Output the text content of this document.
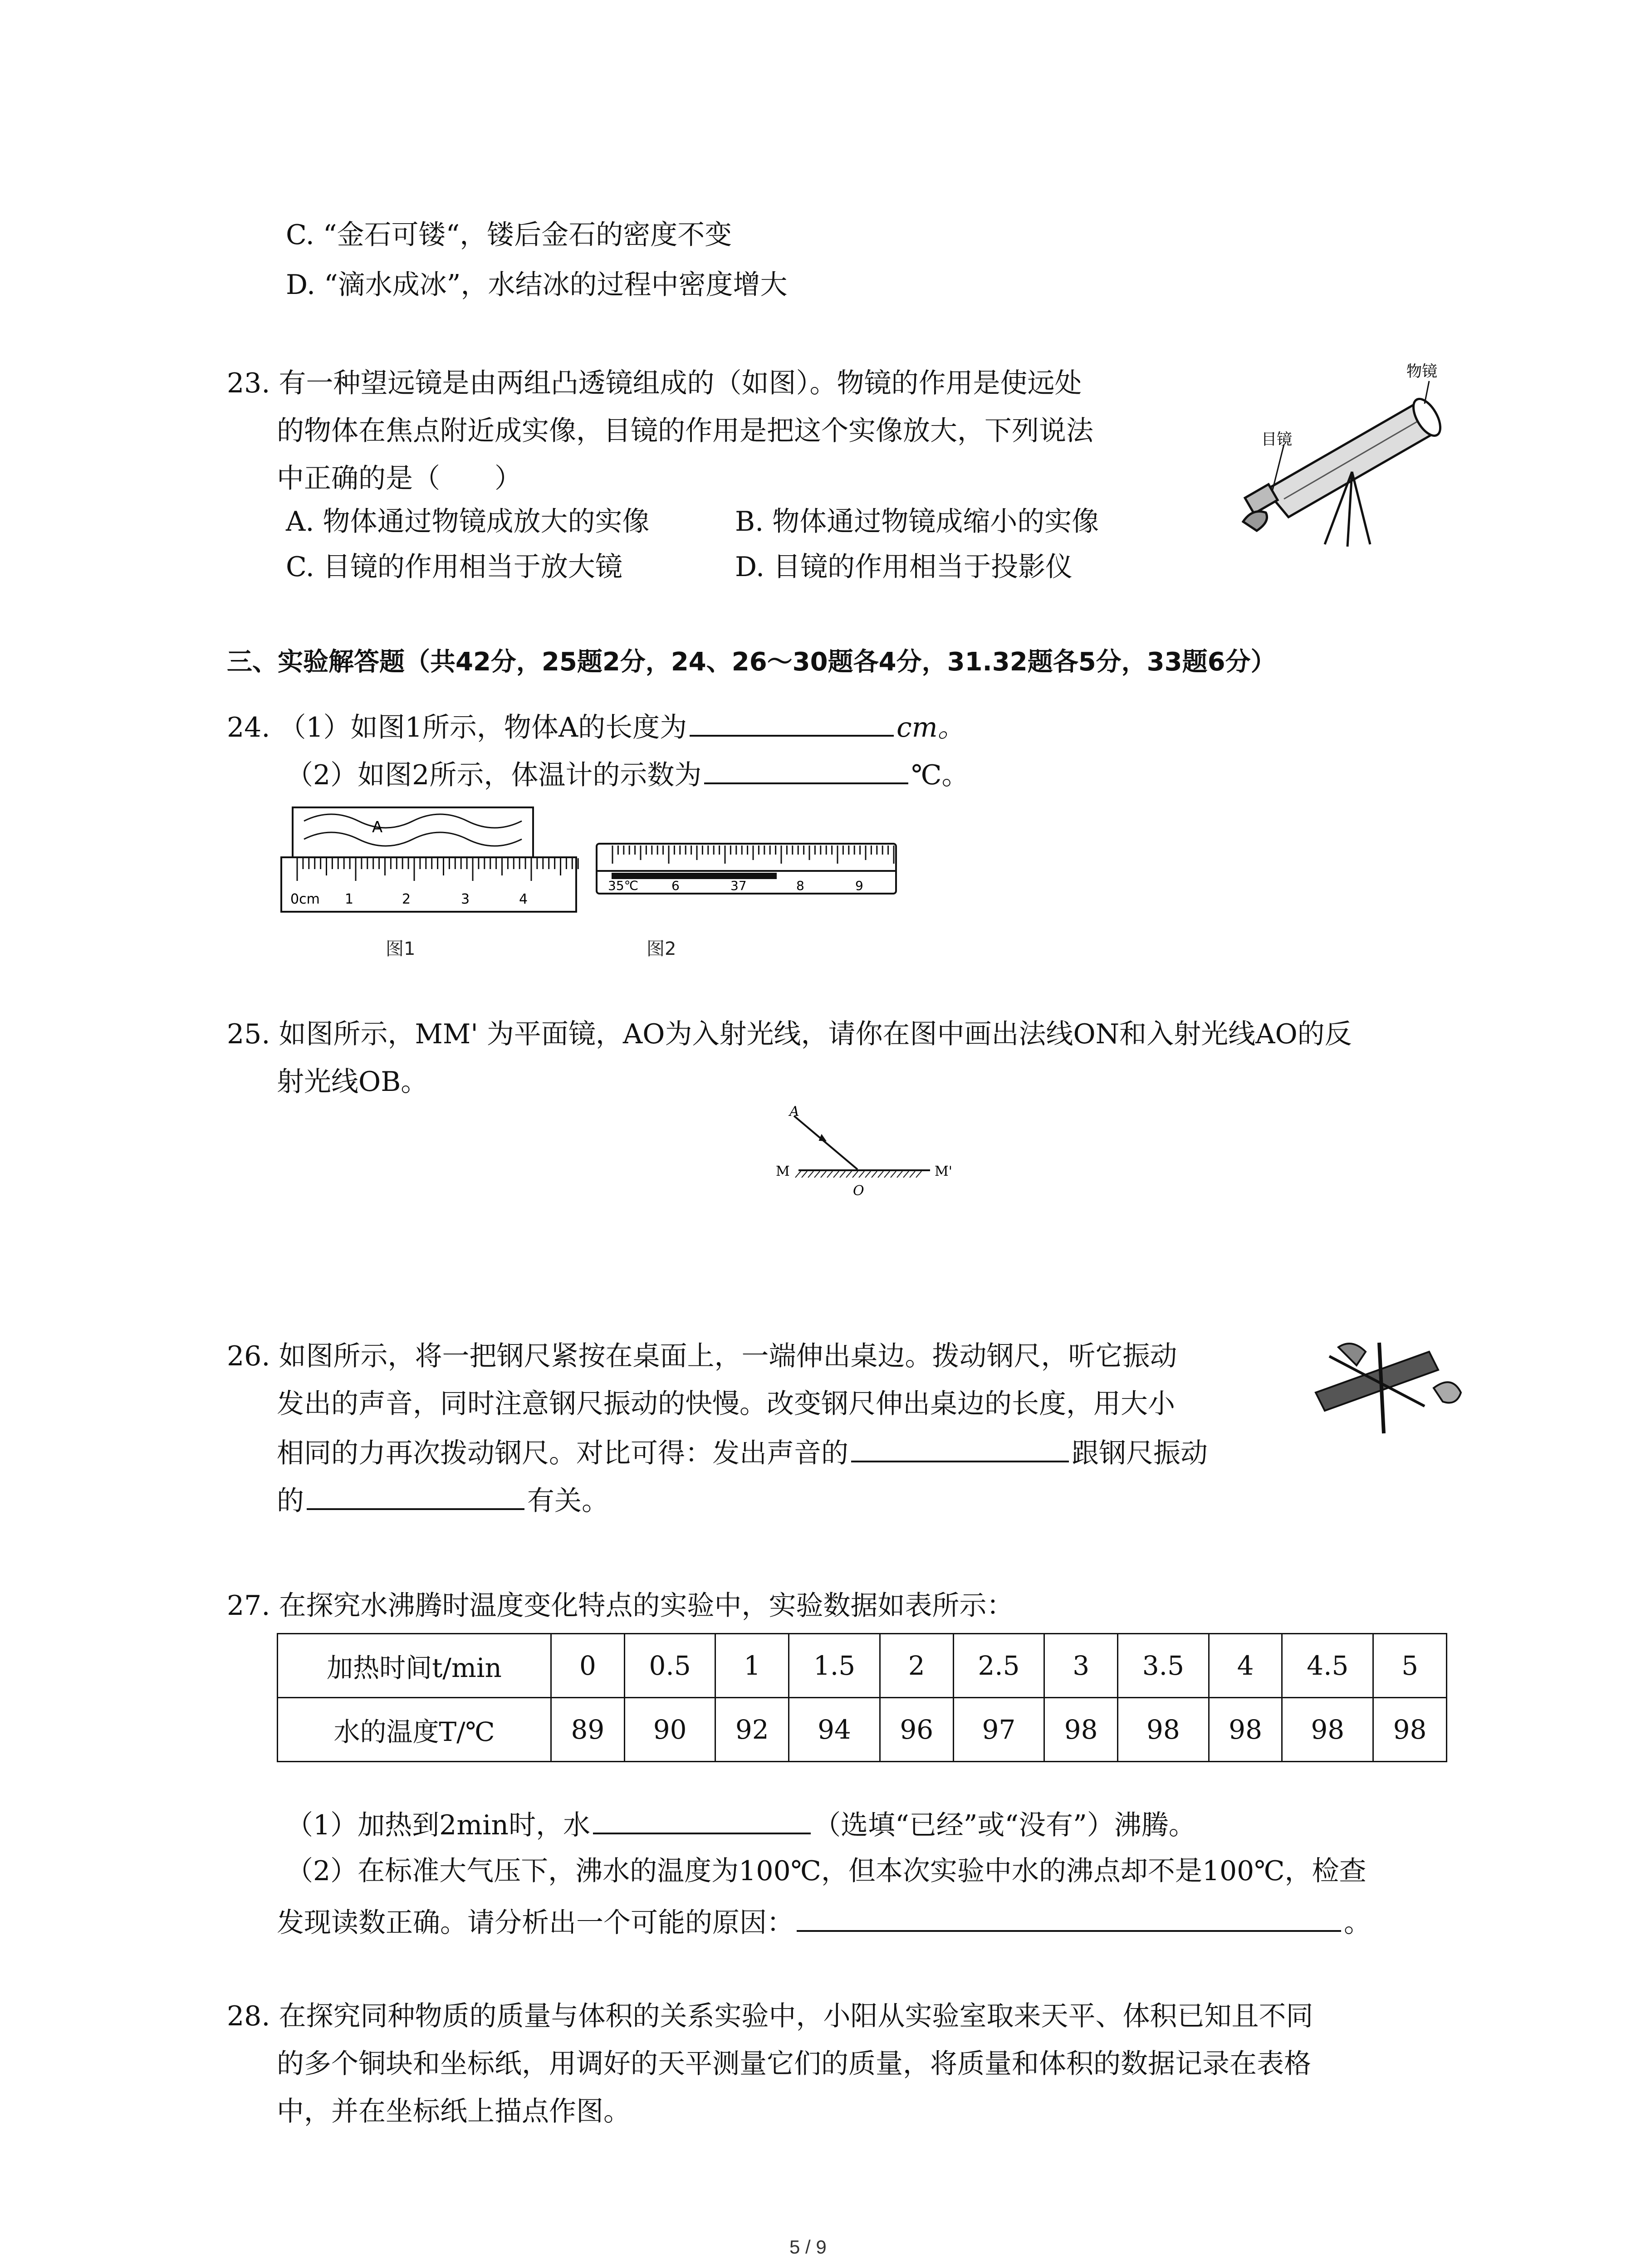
C. “金石可镂“，镂后金石的密度不变
D. “滴水成冰”，水结冰的过程中密度增大
23. 有一种望远镜是由两组凸透镜组成的（如图）。物镜的作用是使远处
的物体在焦点附近成实像，目镜的作用是把这个实像放大，下列说法
中正确的是（　　）
A. 物体通过物镜成放大的实像	B. 物体通过物镜成缩小的实像
C. 目镜的作用相当于放大镜	D. 目镜的作用相当于投影仪
物镜
目镜
三、实验解答题（共42分，25题2分，24、26～30题各4分，31.32题各5分，33题6分）
24. （1）如图1所示，物体A的长度为	cm。
（2）如图2所示，体温计的示数为	℃。
A
0cm 1	2	3	4
图1
35℃	6	37	8	9
图2
25. 如图所示，MM' 为平面镜，AO为入射光线，请你在图中画出法线ON和入射光线AO的反
射光线OB。
A
M	M'
O
26. 如图所示，将一把钢尺紧按在桌面上，一端伸出桌边。拨动钢尺，听它振动
发出的声音，同时注意钢尺振动的快慢。改变钢尺伸出桌边的长度，用大小
相同的力再次拨动钢尺。对比可得：发出声音的	跟钢尺振动
的	有关。
27. 在探究水沸腾时温度变化特点的实验中，实验数据如表所示：
加热时间t/min	0	0.5	1	1.5	2	2.5	3	3.5	4	4.5	5
水的温度T/℃	89	90	92	94	96	97	98	98	98	98	98
（1）加热到2min时，水	（选填“已经”或“没有”）沸腾。
（2）在标准大气压下，沸水的温度为100℃，但本次实验中水的沸点却不是100℃，检查
发现读数正确。请分析出一个可能的原因：	。
28. 在探究同种物质的质量与体积的关系实验中，小阳从实验室取来天平、体积已知且不同
的多个铜块和坐标纸，用调好的天平测量它们的质量，将质量和体积的数据记录在表格
中，并在坐标纸上描点作图。
5 / 9
